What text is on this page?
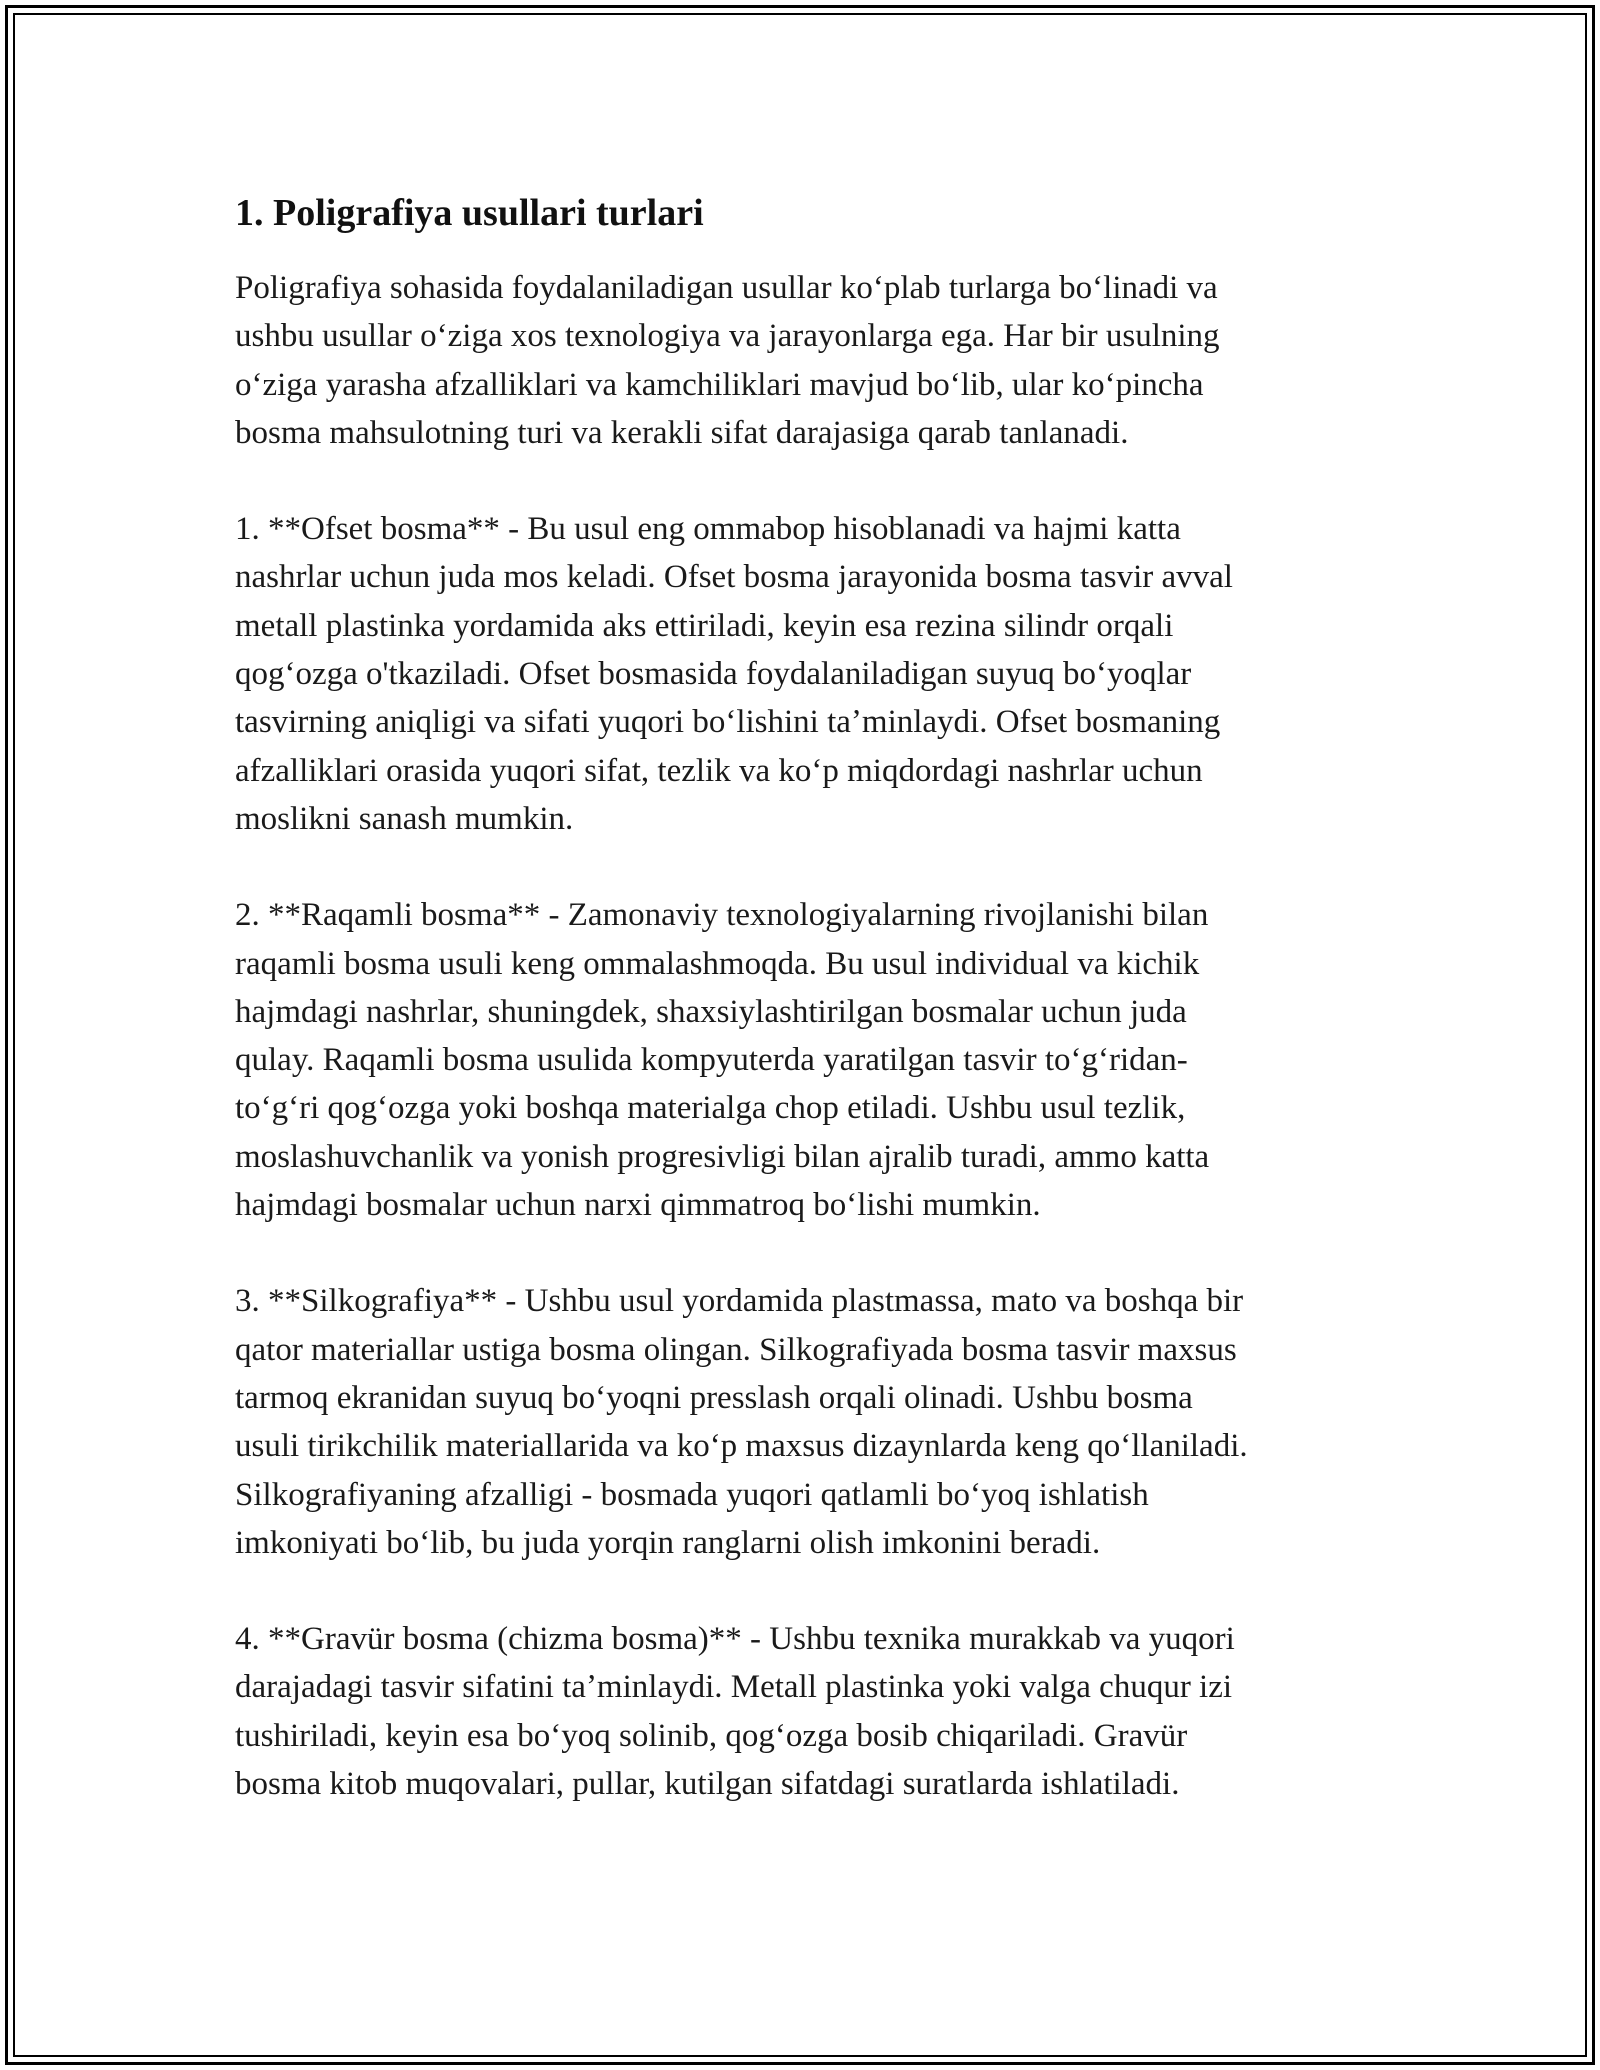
1. Poligrafiya usullari turlari

Poligrafiya sohasida foydalaniladigan usullar koʻplab turlarga boʻlinadi va
ushbu usullar oʻziga xos texnologiya va jarayonlarga ega. Har bir usulning
oʻziga yarasha afzalliklari va kamchiliklari mavjud boʻlib, ular koʻpincha
bosma mahsulotning turi va kerakli sifat darajasiga qarab tanlanadi.

1. **Ofset bosma** - Bu usul eng ommabop hisoblanadi va hajmi katta
nashrlar uchun juda mos keladi. Ofset bosma jarayonida bosma tasvir avval
metall plastinka yordamida aks ettiriladi, keyin esa rezina silindr orqali
qogʻozga o'tkaziladi. Ofset bosmasida foydalaniladigan suyuq boʻyoqlar
tasvirning aniqligi va sifati yuqori boʻlishini taʼminlaydi. Ofset bosmaning
afzalliklari orasida yuqori sifat, tezlik va koʻp miqdordagi nashrlar uchun
moslikni sanash mumkin.

2. **Raqamli bosma** - Zamonaviy texnologiyalarning rivojlanishi bilan
raqamli bosma usuli keng ommalashmoqda. Bu usul individual va kichik
hajmdagi nashrlar, shuningdek, shaxsiylashtirilgan bosmalar uchun juda
qulay. Raqamli bosma usulida kompyuterda yaratilgan tasvir toʻgʻridan-
toʻgʻri qogʻozga yoki boshqa materialga chop etiladi. Ushbu usul tezlik,
moslashuvchanlik va yonish progresivligi bilan ajralib turadi, ammo katta
hajmdagi bosmalar uchun narxi qimmatroq boʻlishi mumkin.

3. **Silkografiya** - Ushbu usul yordamida plastmassa, mato va boshqa bir
qator materiallar ustiga bosma olingan. Silkografiyada bosma tasvir maxsus
tarmoq ekranidan suyuq boʻyoqni presslash orqali olinadi. Ushbu bosma
usuli tirikchilik materiallarida va koʻp maxsus dizaynlarda keng qoʻllaniladi.
Silkografiyaning afzalligi - bosmada yuqori qatlamli boʻyoq ishlatish
imkoniyati boʻlib, bu juda yorqin ranglarni olish imkonini beradi.

4. **Gravür bosma (chizma bosma)** - Ushbu texnika murakkab va yuqori
darajadagi tasvir sifatini taʼminlaydi. Metall plastinka yoki valga chuqur izi
tushiriladi, keyin esa boʻyoq solinib, qogʻozga bosib chiqariladi. Gravür
bosma kitob muqovalari, pullar, kutilgan sifatdagi suratlarda ishlatiladi.
